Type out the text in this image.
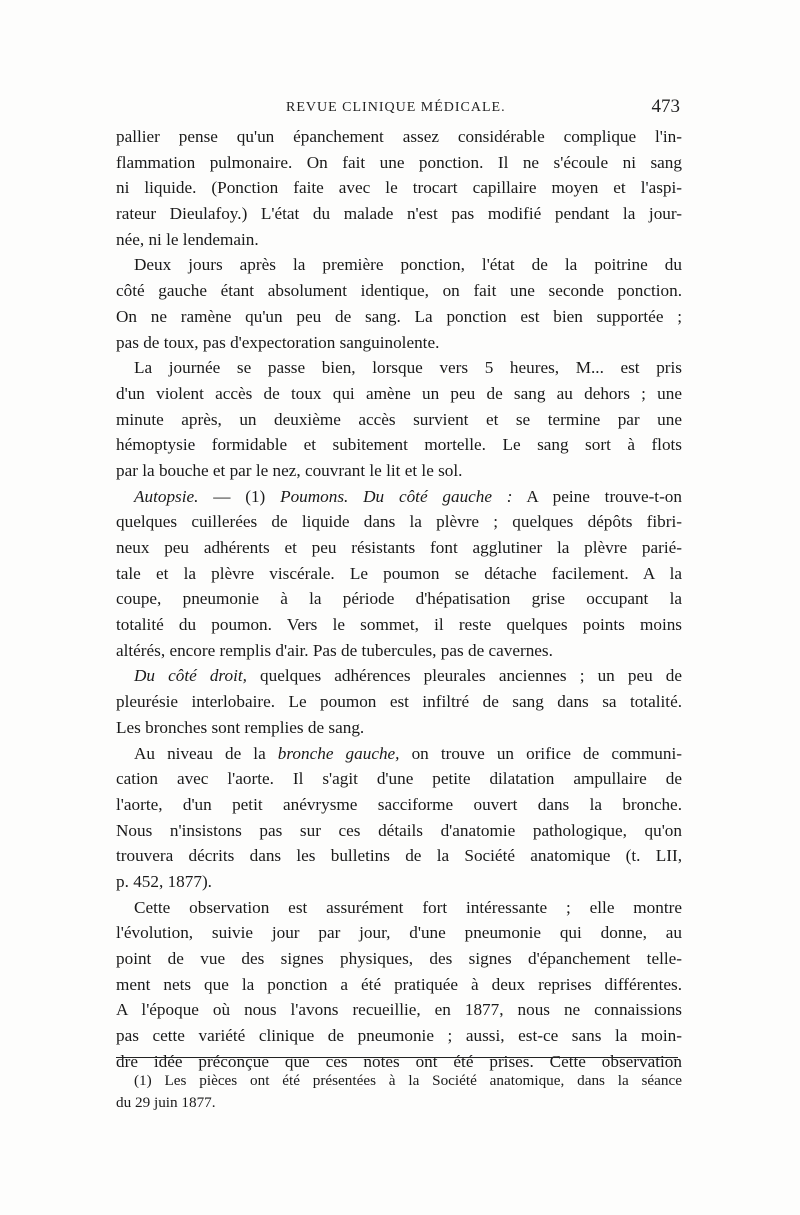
REVUE CLINIQUE MÉDICALE.	473
pallier pense qu'un épanchement assez considérable complique l'in-
flammation pulmonaire. On fait une ponction. Il ne s'écoule ni sang
ni liquide. (Ponction faite avec le trocart capillaire moyen et l'aspi-
rateur Dieulafoy.) L'état du malade n'est pas modifié pendant la jour-
née, ni le lendemain.
Deux jours après la première ponction, l'état de la poitrine du
côté gauche étant absolument identique, on fait une seconde ponction.
On ne ramène qu'un peu de sang. La ponction est bien supportée ;
pas de toux, pas d'expectoration sanguinolente.
La journée se passe bien, lorsque vers 5 heures, M... est pris
d'un violent accès de toux qui amène un peu de sang au dehors ; une
minute après, un deuxième accès survient et se termine par une
hémoptysie formidable et subitement mortelle. Le sang sort à flots
par la bouche et par le nez, couvrant le lit et le sol.
Autopsie. — (1) Poumons. Du côté gauche : A peine trouve-t-on
quelques cuillerées de liquide dans la plèvre ; quelques dépôts fibri-
neux peu adhérents et peu résistants font agglutiner la plèvre parié-
tale et la plèvre viscérale. Le poumon se détache facilement. A la
coupe, pneumonie à la période d'hépatisation grise occupant la
totalité du poumon. Vers le sommet, il reste quelques points moins
altérés, encore remplis d'air. Pas de tubercules, pas de cavernes.
Du côté droit, quelques adhérences pleurales anciennes ; un peu de
pleurésie interlobaire. Le poumon est infiltré de sang dans sa totalité.
Les bronches sont remplies de sang.
Au niveau de la bronche gauche, on trouve un orifice de communi-
cation avec l'aorte. Il s'agit d'une petite dilatation ampullaire de
l'aorte, d'un petit anévrysme sacciforme ouvert dans la bronche.
Nous n'insistons pas sur ces détails d'anatomie pathologique, qu'on
trouvera décrits dans les bulletins de la Société anatomique (t. LII,
p. 452, 1877).
Cette observation est assurément fort intéressante ; elle montre
l'évolution, suivie jour par jour, d'une pneumonie qui donne, au
point de vue des signes physiques, des signes d'épanchement telle-
ment nets que la ponction a été pratiquée à deux reprises différentes.
A l'époque où nous l'avons recueillie, en 1877, nous ne connaissions
pas cette variété clinique de pneumonie ; aussi, est-ce sans la moin-
dre idée préconçue que ces notes ont été prises. Cette observation
(1) Les pièces ont été présentées à la Société anatomique, dans la séance
du 29 juin 1877.
